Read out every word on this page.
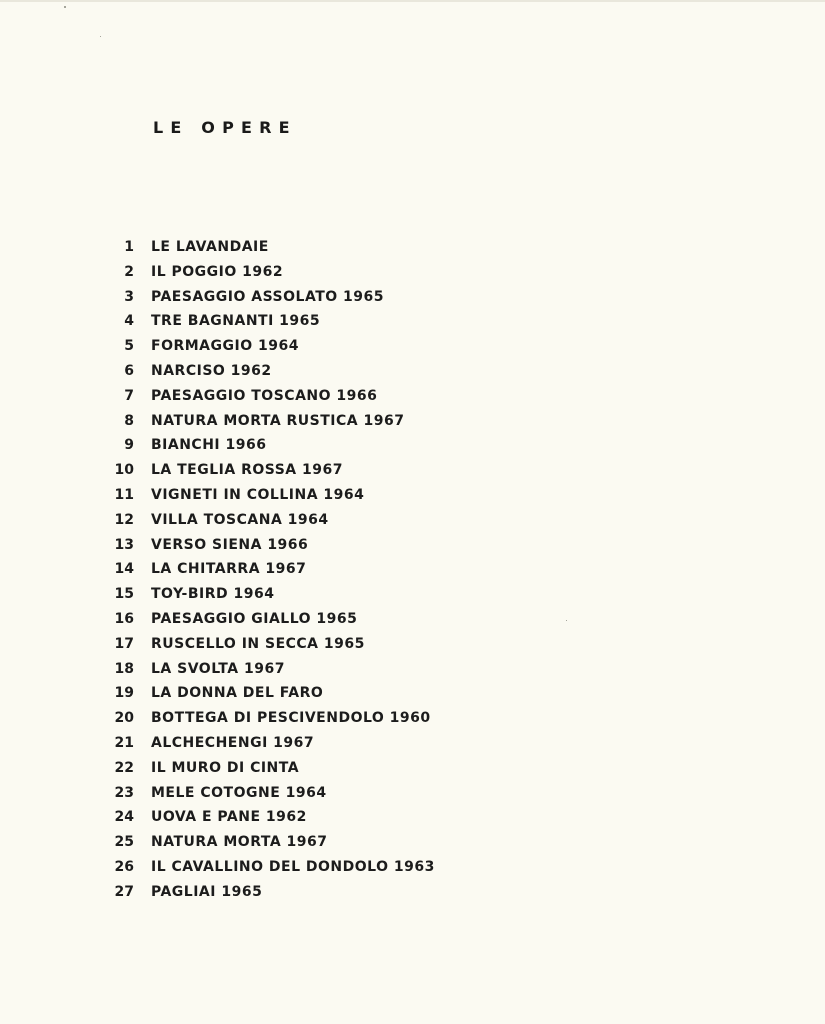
LE OPERE
1 LE LAVANDAIE
2 IL POGGIO 1962
3 PAESAGGIO ASSOLATO 1965
4 TRE BAGNANTI 1965
5 FORMAGGIO 1964
6 NARCISO 1962
7 PAESAGGIO TOSCANO 1966
8 NATURA MORTA RUSTICA 1967
9 BIANCHI 1966
10 LA TEGLIA ROSSA 1967
11 VIGNETI IN COLLINA 1964
12 VILLA TOSCANA 1964
13 VERSO SIENA 1966
14 LA CHITARRA 1967
15 TOY-BIRD 1964
16 PAESAGGIO GIALLO 1965
17 RUSCELLO IN SECCA 1965
18 LA SVOLTA 1967
19 LA DONNA DEL FARO
20 BOTTEGA DI PESCIVENDOLO 1960
21 ALCHECHENGI 1967
22 IL MURO DI CINTA
23 MELE COTOGNE 1964
24 UOVA E PANE 1962
25 NATURA MORTA 1967
26 IL CAVALLINO DEL DONDOLO 1963
27 PAGLIAI 1965
